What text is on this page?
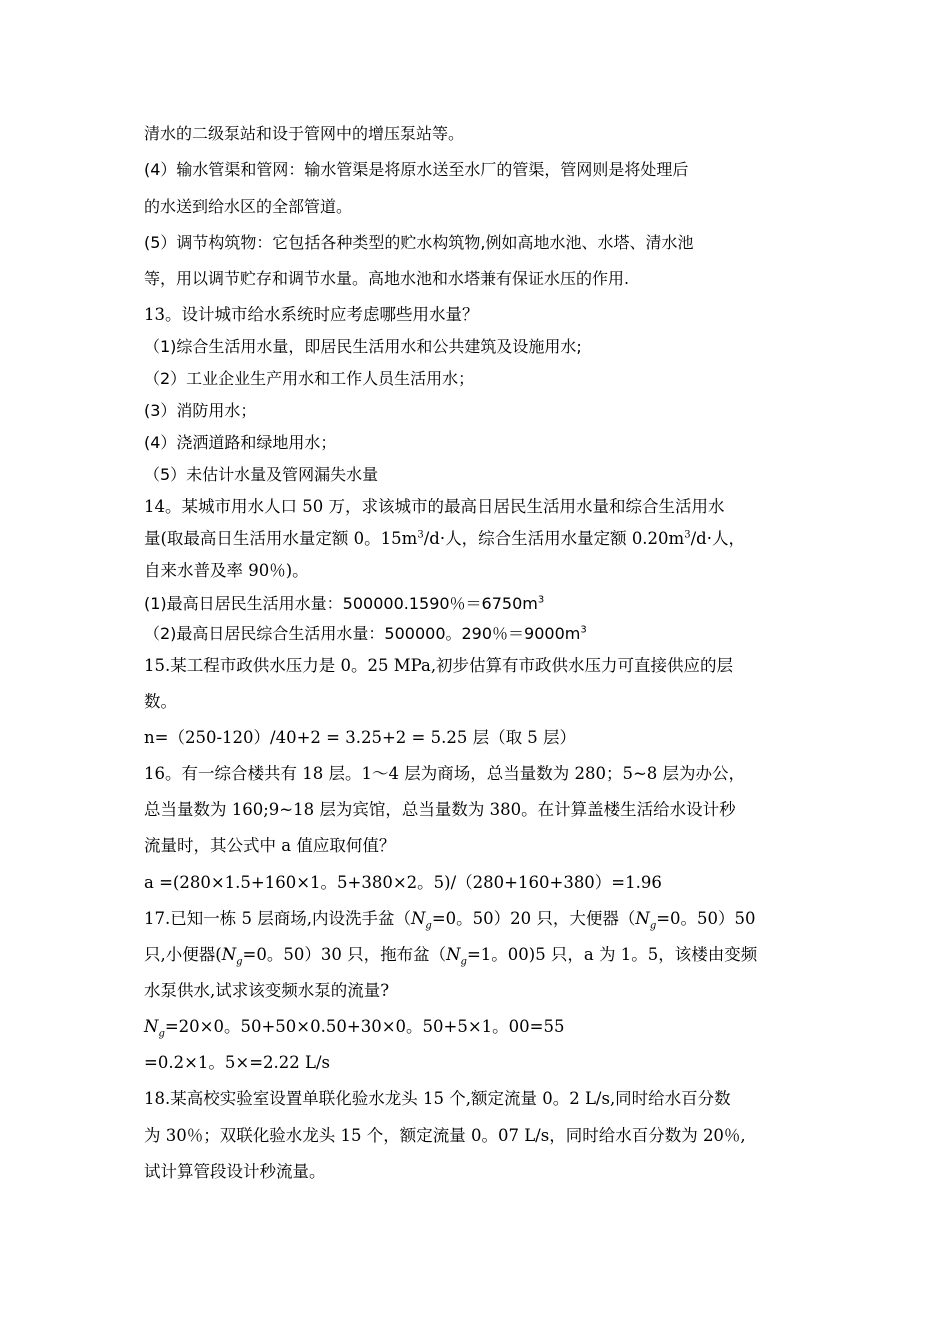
清水的二级泵站和设于管网中的增压泵站等。
(4）输水管渠和管网：输水管渠是将原水送至水厂的管渠，管网则是将处理后
的水送到给水区的全部管道。
(5）调节构筑物：它包括各种类型的贮水构筑物,例如高地水池、水塔、清水池
等，用以调节贮存和调节水量。高地水池和水塔兼有保证水压的作用.
13。设计城市给水系统时应考虑哪些用水量？
（1)综合生活用水量，即居民生活用水和公共建筑及设施用水;
（2）工业企业生产用水和工作人员生活用水；
(3）消防用水；
(4）浇洒道路和绿地用水；
（5）未估计水量及管网漏失水量
14。某城市用水人口 50 万，求该城市的最高日居民生活用水量和综合生活用水
量(取最高日生活用水量定额 0。$15m^3/d\cdot$人，综合生活用水量定额 $0.20m^3/d\cdot$人，
自来水普及率 90％)。
(1)最高日居民生活用水量：500000.1590％$=6750m^3$
（2)最高日居民综合生活用水量：500000。290％$=9000m^3$
15.某工程市政供水压力是 0。25 MPa,初步估算有市政供水压力可直接供应的层
数。
n=（250-120）/40+2 = 3.25+2 = 5.25 层（取 5 层）
16。有一综合楼共有 18 层。1～4 层为商场，总当量数为 280；5~8 层为办公，
总当量数为 160;9~18 层为宾馆，总当量数为 380。在计算盖楼生活给水设计秒
流量时，其公式中 a 值应取何值？
a =(280×1.5+160×1。5+380×2。5)/（280+160+380）=1.96
17.已知一栋 5 层商场,内设洗手盆（$N_g=0$。50）20 只，大便器（$N_g=0$。50）50
只,小便器($N_g=0$。50）30 只，拖布盆（$N_g=1$。00)5 只，a 为 1。5，该楼由变频
水泵供水,试求该变频水泵的流量?
$N_g=20\times 0$。50+50×0.50+30×0。50+5×1。00=55
=0.2×1。5×=2.22 L/s
18.某高校实验室设置单联化验水龙头 15 个,额定流量 0。2 L/s,同时给水百分数
为 30％；双联化验水龙头 15 个，额定流量 0。07 L/s，同时给水百分数为 20％,
试计算管段设计秒流量。
